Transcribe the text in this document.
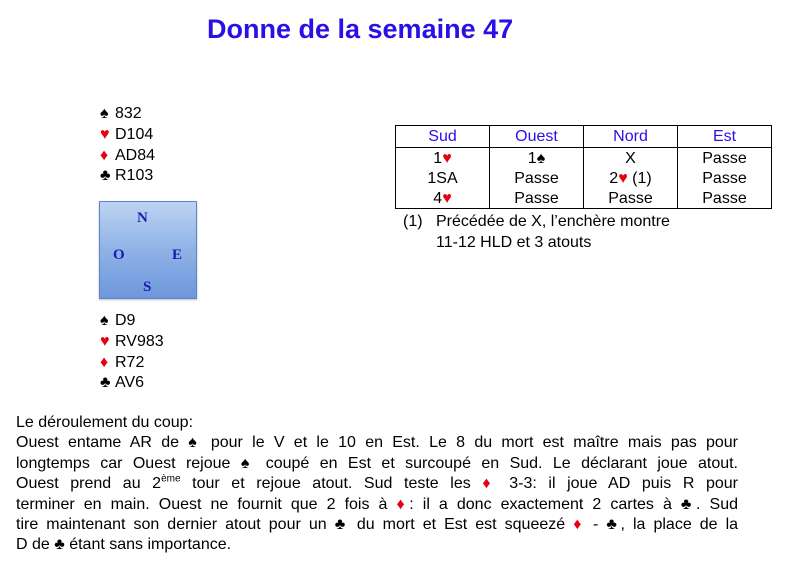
Donne de la semaine 47
♠ 832
♥ D104
♦ AD84
♣ R103
N
O	E
S
♠ D9
♥ RV983
♦ R72
♣ AV6
Sud	Ouest	Nord	Est
1♥	1♠	X	Passe
1SA	Passe	2♥ (1)	Passe
4♥	Passe	Passe	Passe
(1) Précédée de X, l’enchère montre
11-12 HLD et 3 atouts
Le déroulement du coup:
Ouest entame AR de ♠ pour le V et le 10 en Est. Le 8 du mort est maître mais pas pour
longtemps car Ouest rejoue ♠ coupé en Est et surcoupé en Sud. Le déclarant joue atout.
Ouest prend au 2ème tour et rejoue atout. Sud teste les ♦ 3-3: il joue AD puis R pour
terminer en main. Ouest ne fournit que 2 fois à ♦: il a donc exactement 2 cartes à ♣. Sud
tire maintenant son dernier atout pour un ♣ du mort et Est est squeezé ♦ - ♣, la place de la
D de ♣ étant sans importance.
